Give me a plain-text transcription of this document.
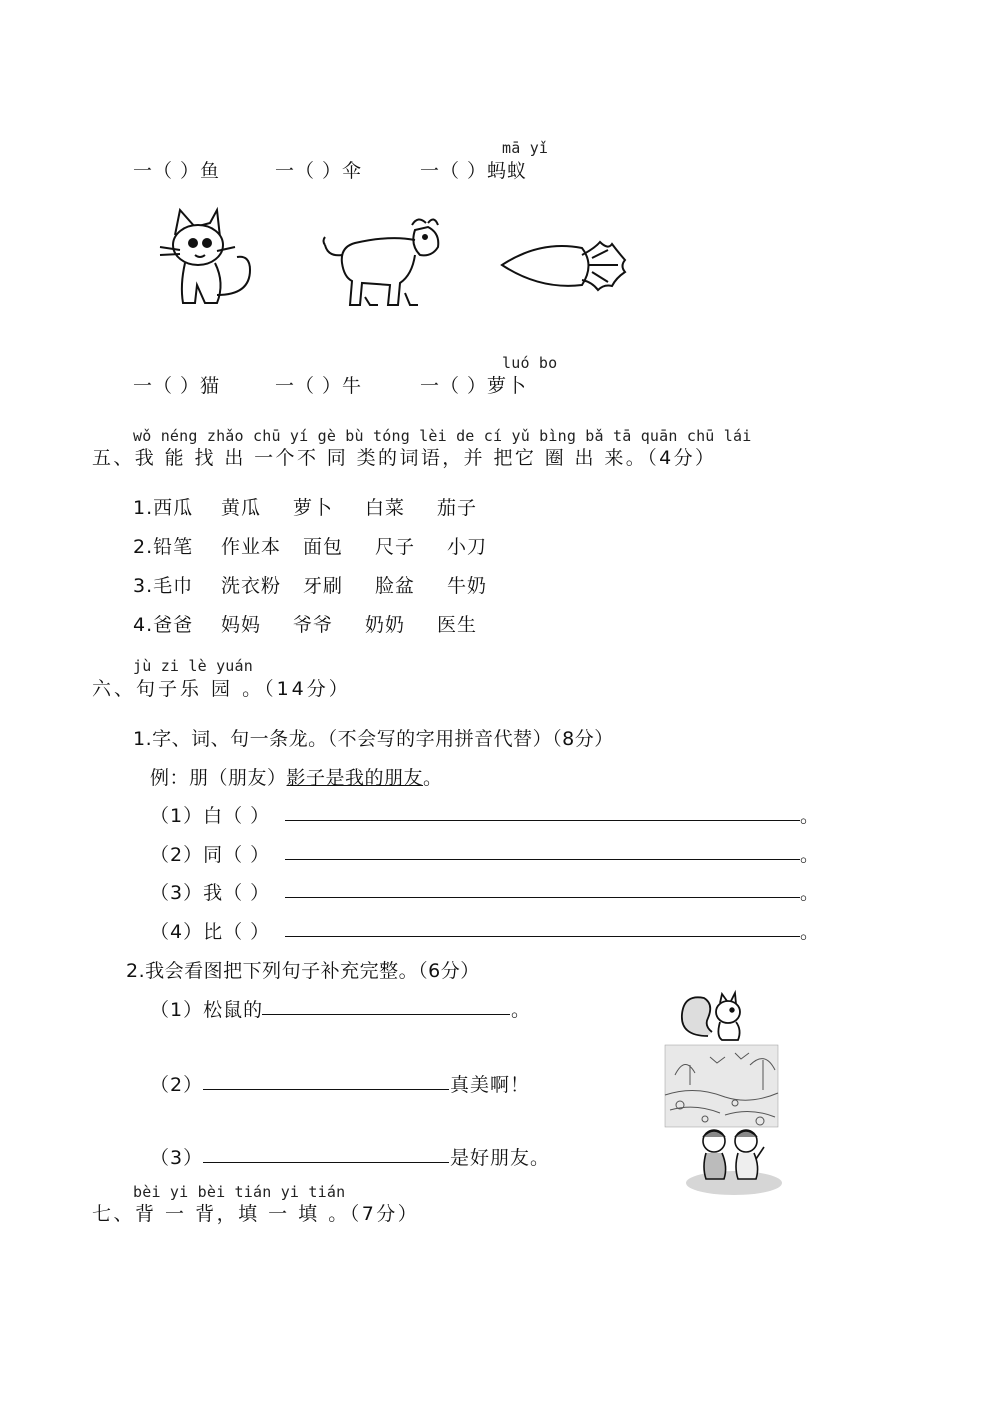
mā yǐ
一（ ）鱼	一（ ）伞	一（ ）蚂蚁
luó bo
一（ ）猫	一（ ）牛	一（ ）萝卜
wǒ néng zhǎo chū yí gè bù tóng lèi de cí yǔ bìng bǎ tā quān chū lái
五、我 能 找 出 一个不 同 类的词语，并 把它 圈 出 来。（4分）
1.西瓜 黄瓜 萝卜 白菜 茄子
2.铅笔 作业本 面包 尺子 小刀
3.毛巾 洗衣粉 牙刷 脸盆 牛奶
4.爸爸 妈妈 爷爷 奶奶 医生
jù zi lè yuán
六、句子乐 园 。（14分）
1.字、词、句一条龙。（不会写的字用拼音代替）（8分）
例：朋（朋友）影子是我的朋友。
（1）白（ ）	。
（2）同（ ）	。
（3）我（ ）	。
（4）比（ ）	。
2.我会看图把下列句子补充完整。（6分）
（1）松鼠的	。
（2）	真美啊！
（3）	是好朋友。
bèi yi bèi tián yi tián
七、背 一 背，填 一 填 。（7分）
